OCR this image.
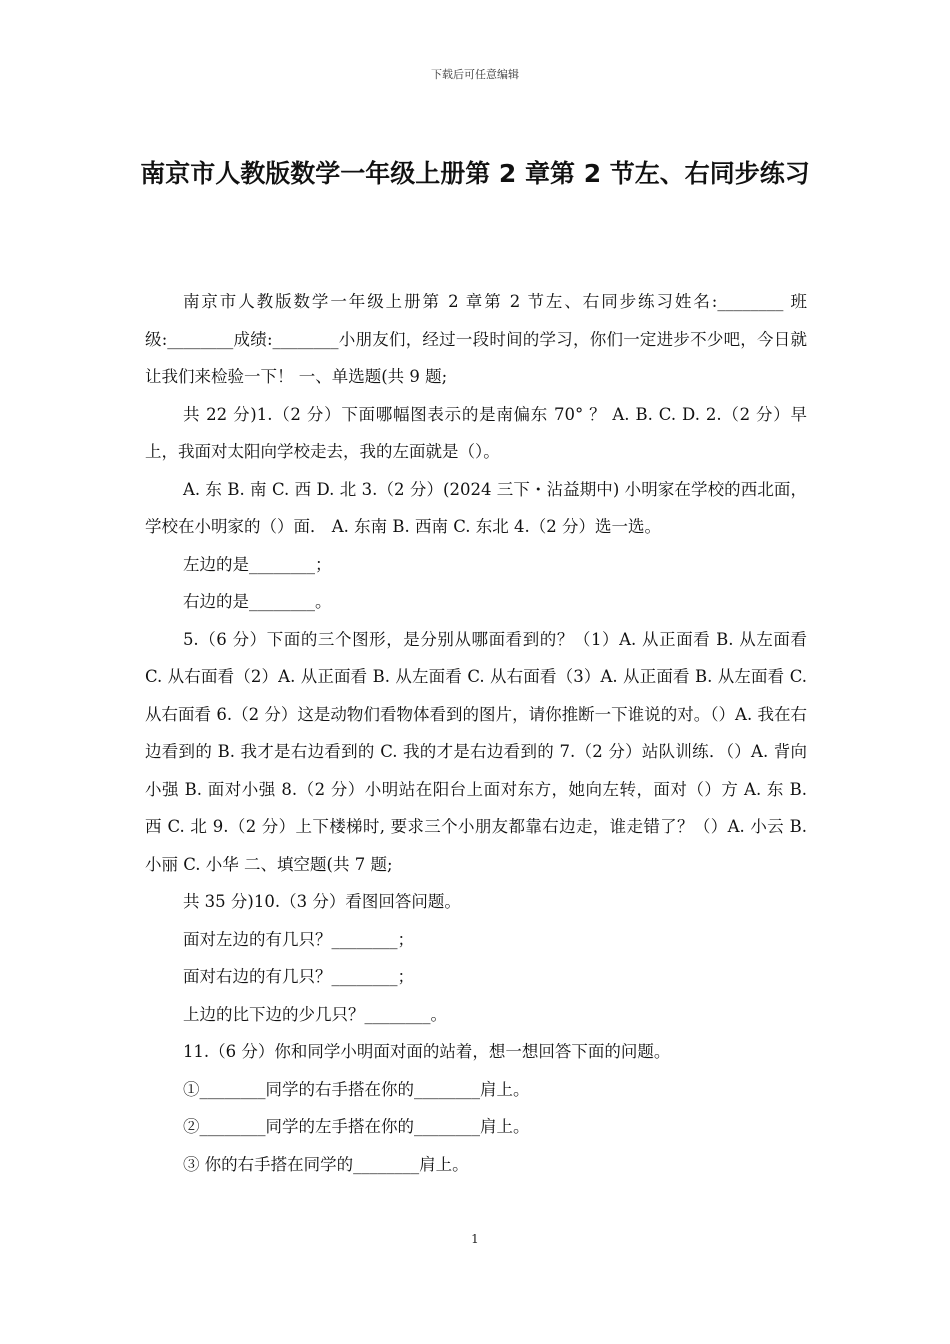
下载后可任意编辑
南京市人教版数学一年级上册第 2 章第 2 节左、右同步练习

南京市人教版数学一年级上册第 2 章第 2 节左、右同步练习姓名:________ 班级:________成绩:________小朋友们，经过一段时间的学习，你们一定进步不少吧，今日就让我们来检验一下！ 一、单选题(共 9 题;

共 22 分)1.（2 分）下面哪幅图表示的是南偏东 70° ？ A. B. C. D. 2.（2 分）早上，我面对太阳向学校走去，我的左面就是（）。

A. 东 B. 南 C. 西 D. 北 3.（2 分）(2024 三下・沾益期中) 小明家在学校的西北面，学校在小明家的（）面． A. 东南 B. 西南 C. 东北 4.（2 分）选一选。

左边的是________；

右边的是________。

5.（6 分）下面的三个图形，是分别从哪面看到的？（1）A. 从正面看 B. 从左面看 C. 从右面看（2）A. 从正面看 B. 从左面看 C. 从右面看（3）A. 从正面看 B. 从左面看 C. 从右面看 6.（2 分）这是动物们看物体看到的图片，请你推断一下谁说的对。（）A. 我在右边看到的 B. 我才是右边看到的 C. 我的才是右边看到的 7.（2 分）站队训练．（）A. 背向小强 B. 面对小强 8.（2 分）小明站在阳台上面对东方，她向左转，面对（）方 A. 东 B. 西 C. 北 9.（2 分）上下楼梯时, 要求三个小朋友都靠右边走，谁走错了？（）A. 小云 B. 小丽 C. 小华 二、填空题(共 7 题;

共 35 分)10.（3 分）看图回答问题。

面对左边的有几只？________；

面对右边的有几只？________；

上边的比下边的少几只？________。

11.（6 分）你和同学小明面对面的站着，想一想回答下面的问题。

①________同学的右手搭在你的________肩上。

②________同学的左手搭在你的________肩上。

③ 你的右手搭在同学的________肩上。

1
